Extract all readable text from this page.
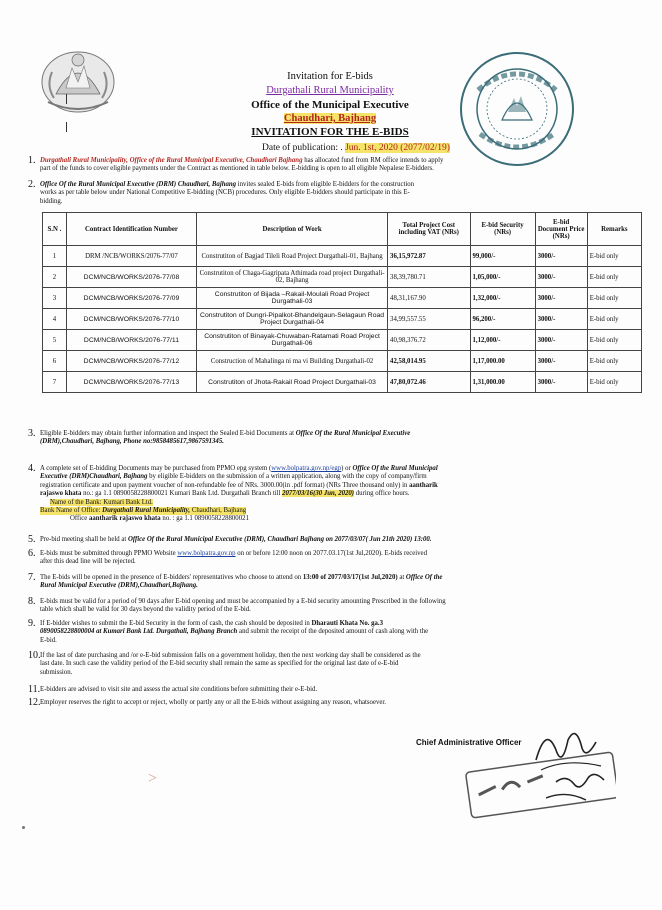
Invitation for E-bids
Durgathali Rural Municipality
Office of the Municipal Executive
Chaudhari, Bajhang
INVITATION FOR THE E-BIDS
Date of publication: . Jun. 1st, 2020 (2077/02/19)
1. Durgathali Rural Municipality, Office of the Rural Municipal Executive, Chaudhari Bajhang has allocated fund from RM office intends to apply
part of the funds to cover eligible payments under the Contract as mentioned in table below. E-bidding is open to all eligible Nepalese E-bidders.
2. Office Of the Rural Municipal Executive (DRM) Chaudhari, Bajhang invites sealed E-bids from eligible E-bidders for the construction
works as per table below under National Competitive E-bidding (NCB) procedures. Only eligible E-bidders should participate in this E-
bidding.
S.N .	Contract Identification Number	Description of Work	Total Project Cost including VAT (NRs)	E-bid Security (NRs)	E-bid Document Price (NRs)	Remarks
1	DRM /NCB/WORKS/2076-77/07	Construtiton of Bagjad Tileli Road Project Durgathali-01, Bajhang	36,15,972.87	99,000/-	3000/-	E-bid only
2	DCM/NCB/WORKS/2076-77/08	Construtiton of Chaga-Gagripata Athimada road project Durgathali-02, Bajhang	38,39,780.71	1,05,000/-	3000/-	E-bid only
3	DCM/NCB/WORKS/2076-77/09	Construtiton of Bijada –Rakail-Moulali Road Project Durgathali-03	48,31,167.90	1,32,000/-	3000/-	E-bid only
4	DCM/NCB/WORKS/2076-77/10	Construtiton of Dungri-Pipalkot-Bhandelgaun-Selagaun Road Project Durgathali-04	34,99,557.55	96,200/-	3000/-	E-bid only
5	DCM/NCB/WORKS/2076-77/11	Construtiton of Binayak-Chuwaban-Ratamati Road Project Durgathali-06	40,98,376.72	1,12,000/-	3000/-	E-bid only
6	DCM/NCB/WORKS/2076-77/12	Construction of Mahalinga ni ma vi Building Durgathali-02	42,58,014.95	1,17,000.00	3000/-	E-bid only
7	DCM/NCB/WORKS/2076-77/13	Construtiton of Jhota-Rakail Road Project Durgathali-03	47,80,072.46	1,31,000.00	3000/-	E-bid only
3. Eligible E-bidders may obtain further information and inspect the Sealed E-bid Documents at Office Of the Rural Municipal Executive
(DRM),Chaudhari, Bajhang, Phone no:9858485617,9867591345.
4. A complete set of E-bidding Documents may be purchased from PPMO epg system (www.bolpatra.gov.np/egp) or Office Of the Rural Municipal
Executive (DRM)Chaudhari, Bajhang by eligible E-bidders on the submission of a written application, along with the copy of company/firm
registration certificate and upon payment voucher of non-refundable fee of NRs. 3000.00(in .pdf format) (NRs Three thousand only) in aantharik
rajaswo khata no.: ga 1.1 0890058228800021 Kumari Bank Ltd. Durgathali Branch till 2077/03/16(30 Jun, 2020) during office hours.
Name of the Bank: Kumari Bank Ltd.
Bank Name of Office: Durgathali Rural Municipality, Chaudhari, Bajhang
Office aantharik rajaswo khata no. : ga 1.1 0890058228800021
5. Pre-bid meeting shall be held at Office Of the Rural Municipal Executive (DRM), Chaudhari Bajhang on 2077/03/07( Jun 21th 2020) 13:00.
6. E-bids must be submitted through PPMO Website www.bolpatra.gov.np on or before 12:00 noon on 2077.03.17(1st Jul,2020). E-bids received
after this dead line will be rejected.
7. The E-bids will be opened in the presence of E-bidders' representatives who choose to attend on 13:00 of 2077/03/17(1st Jul,2020) at Office Of the
Rural Municipal Executive (DRM),Chaudhari,Bajhang.
8. E-bids must be valid for a period of 90 days after E-bid opening and must be accompanied by a E-bid security amounting Prescribed in the following
table which shall be valid for 30 days beyond the validity period of the E-bid.
9. If E-bidder wishes to submit the E-bid Security in the form of cash, the cash should be deposited in Dharauti Khata No. ga.3
0890058228800004 at Kumari Bank Ltd. Durgathali, Bajhang Branch and submit the receipt of the deposited amount of cash along with the
E-bid.
10. If the last of date purchasing and /or e-E-bid submission falls on a government holiday, then the next working day shall be considered as the
last date. In such case the validity period of the E-bid security shall remain the same as specified for the original last date of e-E-bid
submission.
11. E-bidders are advised to visit site and assess the actual site conditions before submitting their e-E-bid.
12. Employer reserves the right to accept or reject, wholly or partly any or all the E-bids without assigning any reason, whatsoever.
Chief Administrative Officer
>
